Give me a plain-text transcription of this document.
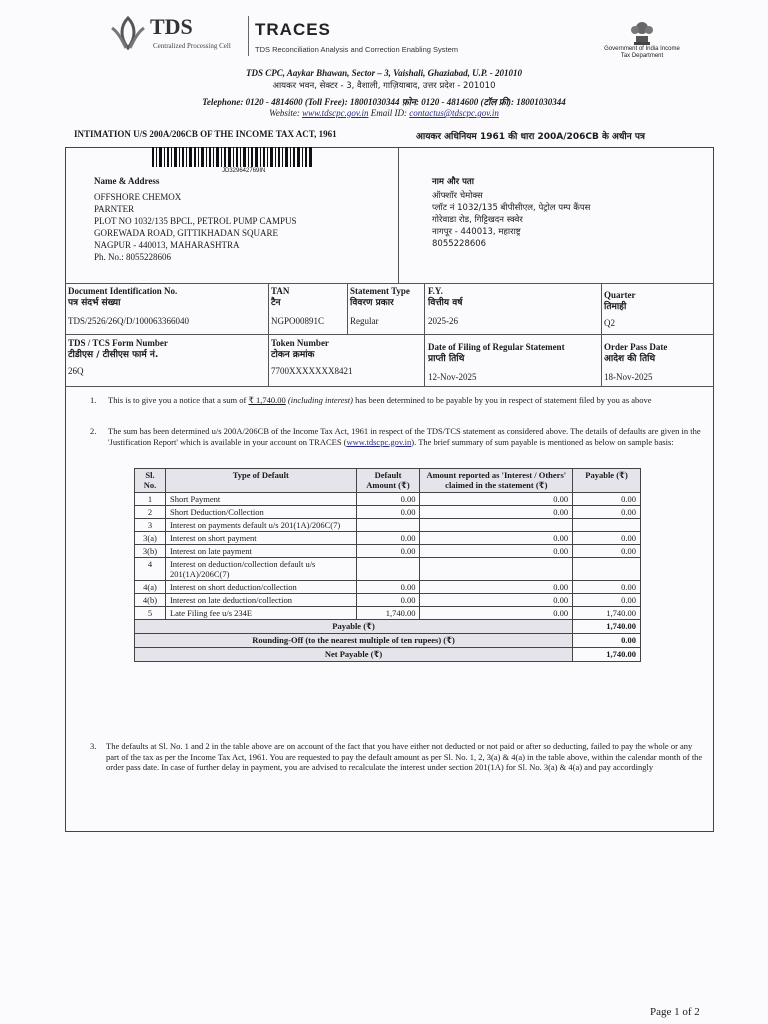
TDS
Centralized Processing Cell
TRACES
TDS Reconciliation Analysis and Correction Enabling System	Government of India Income Tax Department
TDS CPC, Aaykar Bhawan, Sector – 3, Vaishali, Ghaziabad, U.P. - 201010
आयकर भवन, सेक्टर - 3, वैशाली, गाज़ियाबाद, उत्तर प्रदेश - 201010
Telephone: 0120 - 4814600 (Toll Free): 18001030344 फ़ोन: 0120 - 4814600 (टॉल फ्री): 18001030344
Website: www.tdscpc.gov.in Email ID: contactus@tdscpc.gov.in
INTIMATION U/S 200A/206CB OF THE INCOME TAX ACT, 1961	आयकर अधिनियम 1961 की धारा 200A/206CB के अधीन पत्र
JD329642769IN
Name & Address
OFFSHORE CHEMOX
PARNTER
PLOT NO 1032/135 BPCL, PETROL PUMP CAMPUS
GOREWADA ROAD, GITTIKHADAN SQUARE
NAGPUR - 440013, MAHARASHTRA
Ph. No.: 8055228606
नाम और पता
ऑफ्शॉर चेमोक्स
प्लॉट नं 1032/135 बीपीसीएल, पेट्रोल पम्प कैंपस
गोरेवाडा रोड, गिट्टिखदन स्क्वेर
नागपूर - 440013, महाराष्ट्र
8055228606
Document Identification No.
पत्र संदर्भ संख्या
TDS/2526/26Q/D/100063366040
TAN
टैन
NGPO00891C
Statement Type
विवरण प्रकार
Regular
F.Y.
वित्तीय वर्ष
2025-26
Quarter
तिमाही
Q2
TDS / TCS Form Number
टीडीएस / टीसीएस फार्म नं.
26Q
Token Number
टोकन क्रमांक
7700XXXXXXX8421
Date of Filing of Regular Statement
प्राप्ती तिथि
12-Nov-2025
Order Pass Date
आदेश की तिथि
18-Nov-2025
1. This is to give you a notice that a sum of ₹ 1,740.00 (including interest) has been determined to be payable by you in respect of statement filed by you as above
2. The sum has been determined u/s 200A/206CB of the Income Tax Act, 1961 in respect of the TDS/TCS statement as considered above. The details of defaults are given in the 'Justification Report' which is available in your account on TRACES (www.tdscpc.gov.in). The brief summary of sum payable is mentioned as below on sample basis:
Sl. No.	Type of Default	Default Amount (₹)	Amount reported as 'Interest / Others' claimed in the statement (₹)	Payable (₹)
1	Short Payment	0.00	0.00	0.00
2	Short Deduction/Collection	0.00	0.00	0.00
3	Interest on payments default u/s 201(1A)/206C(7)			
3(a)	Interest on short payment	0.00	0.00	0.00
3(b)	Interest on late payment	0.00	0.00	0.00
4	Interest on deduction/collection default u/s 201(1A)/206C(7)			
4(a)	Interest on short deduction/collection	0.00	0.00	0.00
4(b)	Interest on late deduction/collection	0.00	0.00	0.00
5	Late Filing fee u/s 234E	1,740.00	0.00	1,740.00
Payable (₹)				1,740.00
Rounding-Off (to the nearest multiple of ten rupees) (₹)				0.00
Net Payable (₹)				1,740.00
3. The defaults at Sl. No. 1 and 2 in the table above are on account of the fact that you have either not deducted or not paid or after so deducting, failed to pay the whole or any part of the tax as per the Income Tax Act, 1961. You are requested to pay the default amount as per Sl. No. 1, 2, 3(a) & 4(a) in the table above, within the calendar month of the order pass date. In case of further delay in payment, you are advised to recalculate the interest under section 201(1A) for Sl. No. 3(a) & 4(a) and pay accordingly
Page 1 of 2
